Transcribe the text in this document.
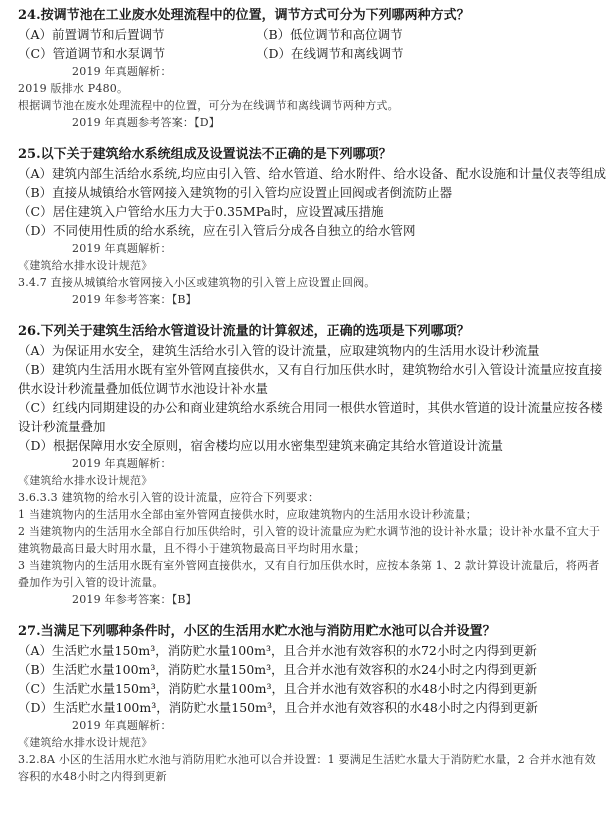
24.按调节池在工业废水处理流程中的位置，调节方式可分为下列哪两种方式？
（A）前置调节和后置调节	（B）低位调节和高位调节
（C）管道调节和水泵调节	（D）在线调节和离线调节
2019 年真题解析：
2019 版排水 P480。
根据调节池在废水处理流程中的位置，可分为在线调节和离线调节两种方式。
2019 年真题参考答案：【D】
25.以下关于建筑给水系统组成及设置说法不正确的是下列哪项？
（A）建筑内部生活给水系统,均应由引入管、给水管道、给水附件、给水设备、配水设施和计量仪表等组成
（B）直接从城镇给水管网接入建筑物的引入管均应设置止回阀或者倒流防止器
（C）居住建筑入户管给水压力大于0.35MPa时，应设置减压措施
（D）不同使用性质的给水系统，应在引入管后分成各自独立的给水管网
2019 年真题解析：
《建筑给水排水设计规范》
3.4.7 直接从城镇给水管网接入小区或建筑物的引入管上应设置止回阀。
2019 年参考答案：【B】
26.下列关于建筑生活给水管道设计流量的计算叙述，正确的选项是下列哪项？
（A）为保证用水安全，建筑生活给水引入管的设计流量，应取建筑物内的生活用水设计秒流量
（B）建筑内生活用水既有室外管网直接供水，又有自行加压供水时，建筑物给水引入管设计流量应按直接供水设计秒流量叠加低位调节水池设计补水量
（C）红线内同期建设的办公和商业建筑给水系统合用同一根供水管道时，其供水管道的设计流量应按各楼设计秒流量叠加
（D）根据保障用水安全原则，宿舍楼均应以用水密集型建筑来确定其给水管道设计流量
2019 年真题解析：
《建筑给水排水设计规范》
3.6.3.3 建筑物的给水引入管的设计流量，应符合下列要求：
1 当建筑物内的生活用水全部由室外管网直接供水时，应取建筑物内的生活用水设计秒流量；
2 当建筑物内的生活用水全部自行加压供给时，引入管的设计流量应为贮水调节池的设计补水量；设计补水量不宜大于建筑物最高日最大时用水量，且不得小于建筑物最高日平均时用水量；
3 当建筑物内的生活用水既有室外管网直接供水，又有自行加压供水时，应按本条第 1、2 款计算设计流量后，将两者叠加作为引入管的设计流量。
2019 年参考答案：【B】
27.当满足下列哪种条件时，小区的生活用水贮水池与消防用贮水池可以合并设置？
（A）生活贮水量150m³，消防贮水量100m³，且合并水池有效容积的水72小时之内得到更新
（B）生活贮水量100m³，消防贮水量150m³，且合并水池有效容积的水24小时之内得到更新
（C）生活贮水量150m³，消防贮水量100m³，且合并水池有效容积的水48小时之内得到更新
（D）生活贮水量100m³，消防贮水量150m³，且合并水池有效容积的水48小时之内得到更新
2019 年真题解析：
《建筑给水排水设计规范》
3.2.8A 小区的生活用水贮水池与消防用贮水池可以合并设置：1 要满足生活贮水量大于消防贮水量，2 合并水池有效容积的水48小时之内得到更新
